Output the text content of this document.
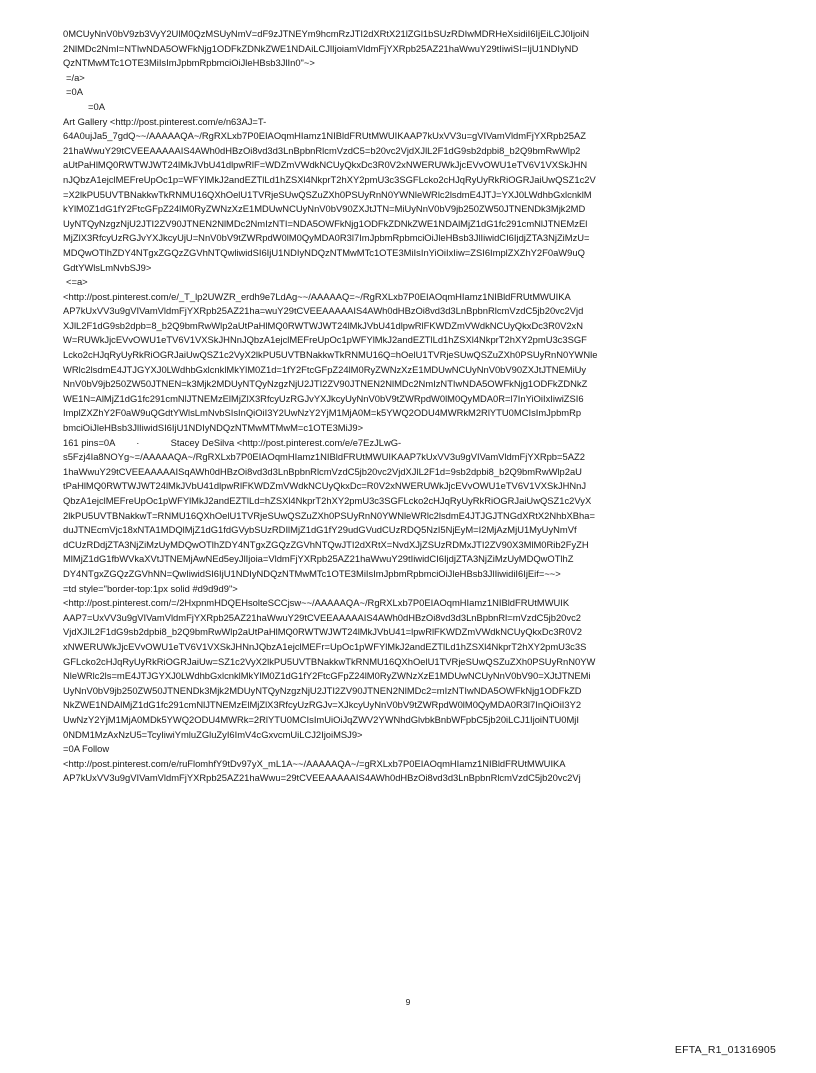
0MCUyNnV0bV9zb3VyY2UlM0QzMSUyNmV=dF9zJTNEYm9hcmRzJTI2dXRtX21lZGl1bSUzRDIwMDRHeXsidiI6IjEiLCJ0IjoiN
2NlMDc2NmI=NTIwNDA5OWFkNjg1ODFkZDNkZWE1NDAiLCJlIjoiamVldmFjYXRpb25AZ21haWwuY29tIiwiSI=IjU1NDIyND
QzNTMwMTc1OTE3MiIsImJpbmRpbmciOiJleHBsb3JlIn0"~>
=/a>
=0A
=0A
Art Gallery <http://post.pinterest.com/e/n63AJ=T-
64A0ujJa5_7gdQ~~/AAAAAQA~/RgRXLxb7P0EIAOqmHIamz1NIBldFRUtMWUIKAAP7kUxVV3u=gVIVamVldmFjYXRpb25AZ
21haWwuY29tCVEEAAAAAIS4AWh0dHBzOi8vd3d3LnBpbnRlcmVzdC5=b20vc2VjdXJlL2F1dG9sb2dpbi8_b2Q9bmRwWlp2
aUtPaHlMQ0RWTWJWT24lMkJVbU41dlpwRlF=WDZmVWdkNCUyQkxDc3R0V2xNWERUWkJjcEVvOWU1eTV6V1VXSkJHN
nJQbzA1ejclMEFreUpOc1p=WFYlMkJ2andEZTlLd1hZSXl4NkprT2hXY2pmU3c3SGFLcko2cHJqRyUyRkRiOGRJaiUwQSZ1c2V
=X2lkPU5UVTBNakkwTkRNMU16QXhOelU1TVRjeSUwQSZuZXh0PSUyRnN0YWNleWRlc2lsdmE4JTJ=YXJ0LWdhbGxlcnklM
kYlM0Z1dG1fY2FtcGFpZ24lM0RyZWNzXzE1MDUwNCUyNnV0bV90ZXJtJTN=MiUyNnV0bV9jb250ZW50JTNENDk3Mjk2MD
UyNTQyNzgzNjU2JTI2ZV90JTNEN2NlMDc2NmIzNTI=NDA5OWFkNjg1ODFkZDNkZWE1NDAlMjZ1dG1fc291cmNlJTNEMzEl
MjZlX3RfcyUzRGJvYXJkcyUjU=NnV0bV9tZWRpdW0lM0QyMDA0R3l7ImJpbmRpbmciOiJleHBsb3JlIiwidCI6IjdjZTA3NjZiMzU=
MDQwOTlhZDY4NTgxZGQzZGVhNTQwliwidSI6IjU1NDIyNDQzNTMwMTc1OTE3MiIsInYiOiIxIiw=ZSI6ImplZXZhY2F0aW9uQ
GdtYWlsLmNvbSJ9>
<=a>
<http://post.pinterest.com/e/_T_lp2UWZR_erdh9e7LdAg~~/AAAAAQ=~/RgRXLxb7P0EIAOqmHIamz1NIBldFRUtMWUIKA
AP7kUxVV3u9gVIVamVldmFjYXRpb25AZ21ha=wuY29tCVEEAAAAAIS4AWh0dHBzOi8vd3d3LnBpbnRlcmVzdC5jb20vc2Vjd
XJlL2F1dG9sb2dpb=8_b2Q9bmRwWlp2aUtPaHlMQ0RWTWJWT24lMkJVbU41dlpwRlFKWDZmVWdkNCUyQkxDc3R0V2xN
W=RUWkJjcEVvOWU1eTV6V1VXSkJHNnJQbzA1ejclMEFreUpOc1pWFYlMkJ2andEZTlLd1hZSXl4NkprT2hXY2pmU3c3SGF
Lcko2cHJqRyUyRkRiOGRJaiUwQSZ1c2VyX2lkPU5UVTBNakkwTkRNMU16Q=hOelU1TVRjeSUwQSZuZXh0PSUyRnN0YWNle
WRlc2lsdmE4JTJGYXJ0LWdhbGxlcnklMkYlM0Z1d=1fY2FtcGFpZ24lM0RyZWNzXzE1MDUwNCUyNnV0bV90ZXJtJTNEMiUy
NnV0bV9jb250ZW50JTNEN=k3Mjk2MDUyNTQyNzgzNjU2JTI2ZV90JTNEN2NlMDc2NmIzNTIwNDA5OWFkNjg1ODFkZDNkZ
WE1N=AlMjZ1dG1fc291cmNlJTNEMzElMjZlX3RfcyUzRGJvYXJkcyUyNnV0bV9tZWRpdW0lM0QyMDA0R=l7InYiOiIxIiwiZSI6
ImplZXZhY2F0aW9uQGdtYWlsLmNvbSIsInQiOiI3Y2UwNzY2YjM1MjA0M=k5YWQ2ODU4MWRkM2RlYTU0MCIsImJpbmRp
bmciOiJleHBsb3JlIiwidSI6IjU1NDIyNDQzNTMwMTMwM=c1OTE3MiJ9>
161 pins=0A        ·            Stacey DeSilva <http://post.pinterest.com/e/e7EzJLwG-
s5Fzj4Ia8NOYg~=/AAAAAQA~/RgRXLxb7P0EIAOqmHIamz1NIBldFRUtMWUIKAAP7kUxVV3u9gVIVamVldmFjYXRpb=5AZ2
1haWwuY29tCVEEAAAAAISqAWh0dHBzOi8vd3d3LnBpbnRlcmVzdC5jb20vc2VjdXJlL2F1d=9sb2dpbi8_b2Q9bmRwWlp2aU
tPaHlMQ0RWTWJWT24lMkJVbU41dlpwRlFKWDZmVWdkNCUyQkxDc=R0V2xNWERUWkJjcEVvOWU1eTV6V1VXSkJHNnJ
QbzA1ejclMEFreUpOc1pWFYlMkJ2andEZTlLd=hZSXl4NkprT2hXY2pmU3c3SGFLcko2cHJqRyUyRkRiOGRJaiUwQSZ1c2VyX
2lkPU5UVTBNakkwT=RNMU16QXhOelU1TVRjeSUwQSZuZXh0PSUyRnN0YWNleWRlc2lsdmE4JTJGJTNGdXRtX2NhbXBha=
duJTNEcmVjc18xNTA1MDQlMjZ1dG1fdGVybSUzRDIlMjZ1dG1fY29udGVudCUzRDQ5NzI5NjEyM=I2MjAzMjU1MyUyNmVf
dCUzRDdjZTA3NjZiMzUyMDQwOTlhZDY4NTgxZGQzZGVhNTQwJTI2dXRtX=NvdXJjZSUzRDMxJTI2ZV90X3MlM0Rib2FyZH
MlMjZ1dG1fbWVkaXVtJTNEMjAwNEd5eyJlIjoia=VldmFjYXRpb25AZ21haWwuY29tIiwidCI6IjdjZTA3NjZiMzUyMDQwOTlhZ
DY4NTgxZGQzZGVhNN=QwIiwidSI6IjU1NDIyNDQzNTMwMTc1OTE3MiIsImJpbmRpbmciOiJleHBsb3JlIiwidiI6IjEif=~~>
=td style="border-top:1px solid #d9d9d9">
<http://post.pinterest.com/=/2HxpnmHDQEHsolteSCCjsw~~/AAAAAQA~/RgRXLxb7P0EIAOqmHIamz1NIBldFRUtMWUIK
AAP7=UxVV3u9gVIVamVldmFjYXRpb25AZ21haWwuY29tCVEEAAAAAIS4AWh0dHBzOi8vd3d3LnBpbnRl=mVzdC5jb20vc2
VjdXJlL2F1dG9sb2dpbi8_b2Q9bmRwWlp2aUtPaHlMQ0RWTWJWT24lMkJVbU41=lpwRlFKWDZmVWdkNCUyQkxDc3R0V2
xNWERUWkJjcEVvOWU1eTV6V1VXSkJHNnJQbzA1ejclMEFr=UpOc1pWFYlMkJ2andEZTlLd1hZSXl4NkprT2hXY2pmU3c3S
GFLcko2cHJqRyUyRkRiOGRJaiUw=SZ1c2VyX2lkPU5UVTBNakkwTkRNMU16QXhOelU1TVRjeSUwQSZuZXh0PSUyRnN0YW
NleWRlc2ls=mE4JTJGYXJ0LWdhbGxlcnklMkYlM0Z1dG1fY2FtcGFpZ24lM0RyZWNzXzE1MDUwNCUyNnV0bV90=XJtJTNEMi
UyNnV0bV9jb250ZW50JTNENDk3Mjk2MDUyNTQyNzgzNjU2JTI2ZV90JTNEN2NlMDc2=mIzNTIwNDA5OWFkNjg1ODFkZD
NkZWE1NDAlMjZ1dG1fc291cmNlJTNEMzElMjZlX3RfcyUzRGJv=XJkcyUyNnV0bV9tZWRpdW0lM0QyMDA0R3l7InQiOiI3Y2
UwNzY2YjM1MjA0MDk5YWQ2ODU4MWRk=2RlYTU0MCIsImUiOiJqZWV2YWNhdGlvbkBnbWFpbC5jb20iLCJ1IjoiNTU0MjI
0NDM1MzAxNzU5=TcyIiwiYmluZGluZyI6ImV4cGxvcmUiLCJ2IjoiMSJ9>
=0A Follow
<http://post.pinterest.com/e/ruFlomhfY9tDv97yX_mL1A~~/AAAAAQA~/=gRXLxb7P0EIAOqmHIamz1NIBldFRUtMWUIKA
AP7kUxVV3u9gVIVamVldmFjYXRpb25AZ21haWwu=29tCVEEAAAAAIS4AWh0dHBzOi8vd3d3LnBpbnRlcmVzdC5jb20vc2Vj
9
EFTA_R1_01316905
